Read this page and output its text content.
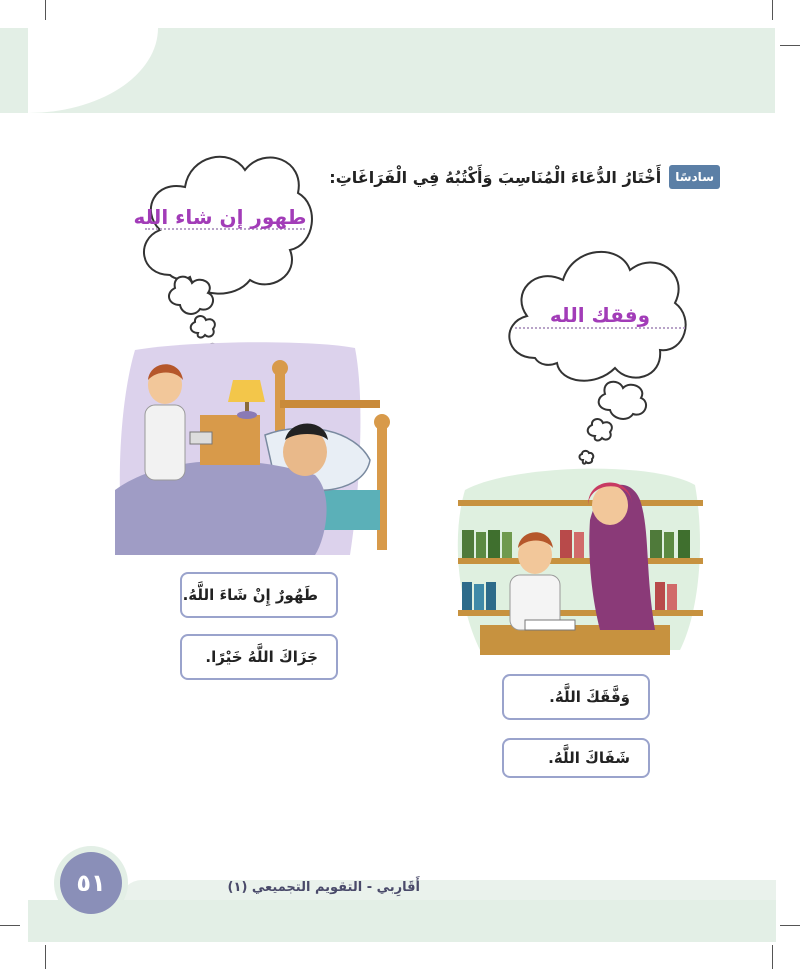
سادسًا
أَخْتَارُ الدُّعَاءَ الْمُنَاسِبَ وَأَكْتُبُهُ فِي الْفَرَاغَاتِ:
طهور إن شاء الله
وفقك الله
طَهُورٌ إِنْ شَاءَ اللَّهُ.
جَزَاكَ اللَّهُ خَيْرًا.
وَفَّقَكَ اللَّهُ.
شَفَاكَ اللَّهُ.
٥١	أَقَارِبي - التقويم التجميعي (١)
